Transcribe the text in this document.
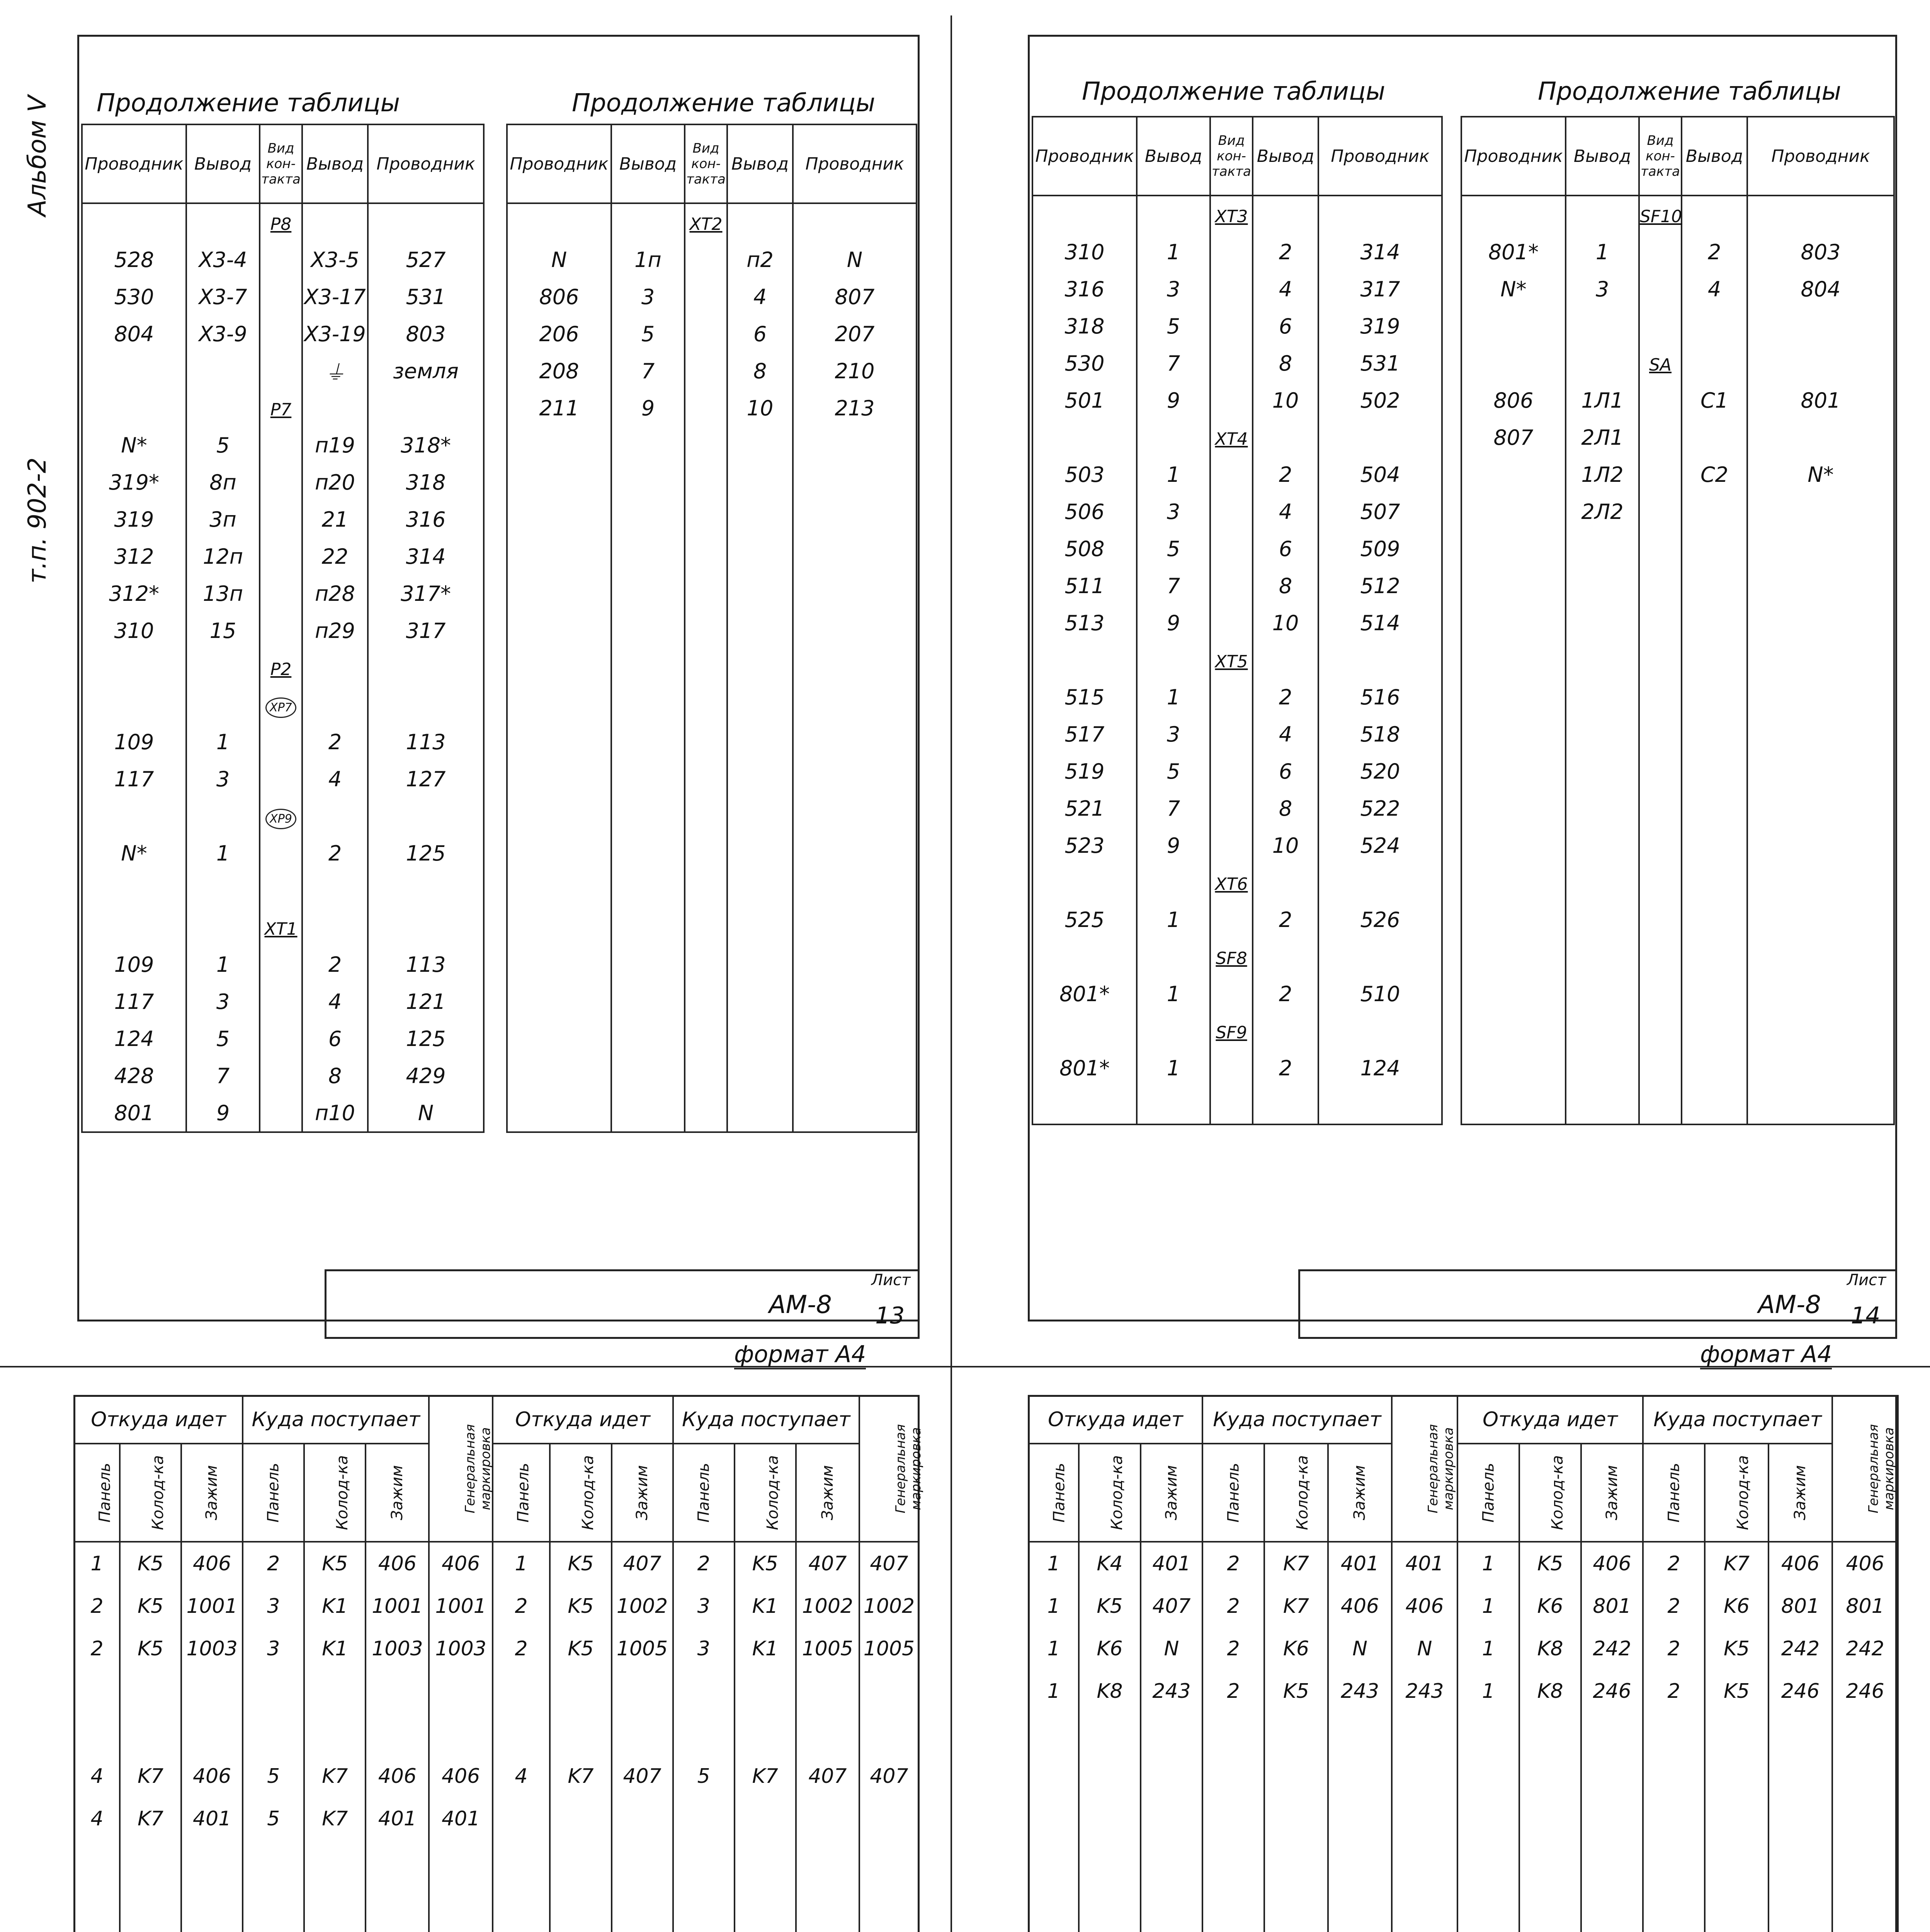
Альбом V
т.п. 902-2
Продолжение таблицы	Продолжение таблицы
Проводник	Вывод	Вид кон-такта	Вывод	Проводник
		P8		
528	X3-4		X3-5	527
530	X3-7		X3-17	531
804	X3-9		X3-19	803
			⏚	земля
		P7		
N*	5		п19	318*
319*	8п		п20	318
319	3п		21	316
312	12п		22	314
312*	13п		п28	317*
310	15		п29	317
		P2		
		XP7		
109	1		2	113
117	3		4	127
		XP9		
N*	1		2	125

		XT1		
109	1		2	113
117	3		4	121
124	5		6	125
428	7		8	429
801	9		п10	N
Проводник	Вывод	Вид кон-такта	Вывод	Проводник
		XT2		
N	1п		п2	N
806	3		4	807
206	5		6	207
208	7		8	210
211	9		10	213

АМ-8
Лист
13
формат А4
Продолжение таблицы	Продолжение таблицы
Проводник	Вывод	Вид кон-такта	Вывод	Проводник
		XT3		
310	1		2	314
316	3		4	317
318	5		6	319
530	7		8	531
501	9		10	502
		XT4		
503	1		2	504
506	3		4	507
508	5		6	509
511	7		8	512
513	9		10	514
		XT5		
515	1		2	516
517	3		4	518
519	5		6	520
521	7		8	522
523	9		10	524
		XT6		
525	1		2	526
		SF8		
801*	1		2	510
		SF9		
801*	1		2	124

Проводник	Вывод	Вид кон-такта	Вывод	Проводник
		SF10		
801*	1		2	803
N*	3		4	804

		SA		
806	1Л1		C1	801
807	2Л1			
	1Л2		C2	N*
	2Л2			

АМ-8
Лист
14
формат А4
Откуда идет			Куда поступает			Генеральная маркировка	Откуда идет			Куда поступает			Генеральная маркировка
Панель	Колод-ка	Зажим	Панель	Колод-ка	Зажим		Панель	Колод-ка	Зажим	Панель	Колод-ка	Зажим	
1	K5	406	2	K5	406	406	1	K5	407	2	K5	407	407
2	K5	1001	3	K1	1001	1001	2	K5	1002	3	K1	1002	1002
2	K5	1003	3	K1	1003	1003	2	K5	1005	3	K1	1005	1005

4	K7	406	5	K7	406	406	4	K7	407	5	K7	407	407
4	K7	401	5	K7	401	401							

Откуда идет			Куда поступает			Генеральная маркировка	Откуда идет			Куда поступает			Генеральная маркировка
Панель	Колод-ка	Зажим	Панель	Колод-ка	Зажим		Панель	Колод-ка	Зажим	Панель	Колод-ка	Зажим	
1	K4	401	2	K7	401	401	1	K5	406	2	K7	406	406
1	K5	407	2	K7	406	406	1	K6	801	2	K6	801	801
1	K6	N	2	K6	N	N	1	K8	242	2	K5	242	242
1	K8	243	2	K5	243	243	1	K8	246	2	K5	246	246
